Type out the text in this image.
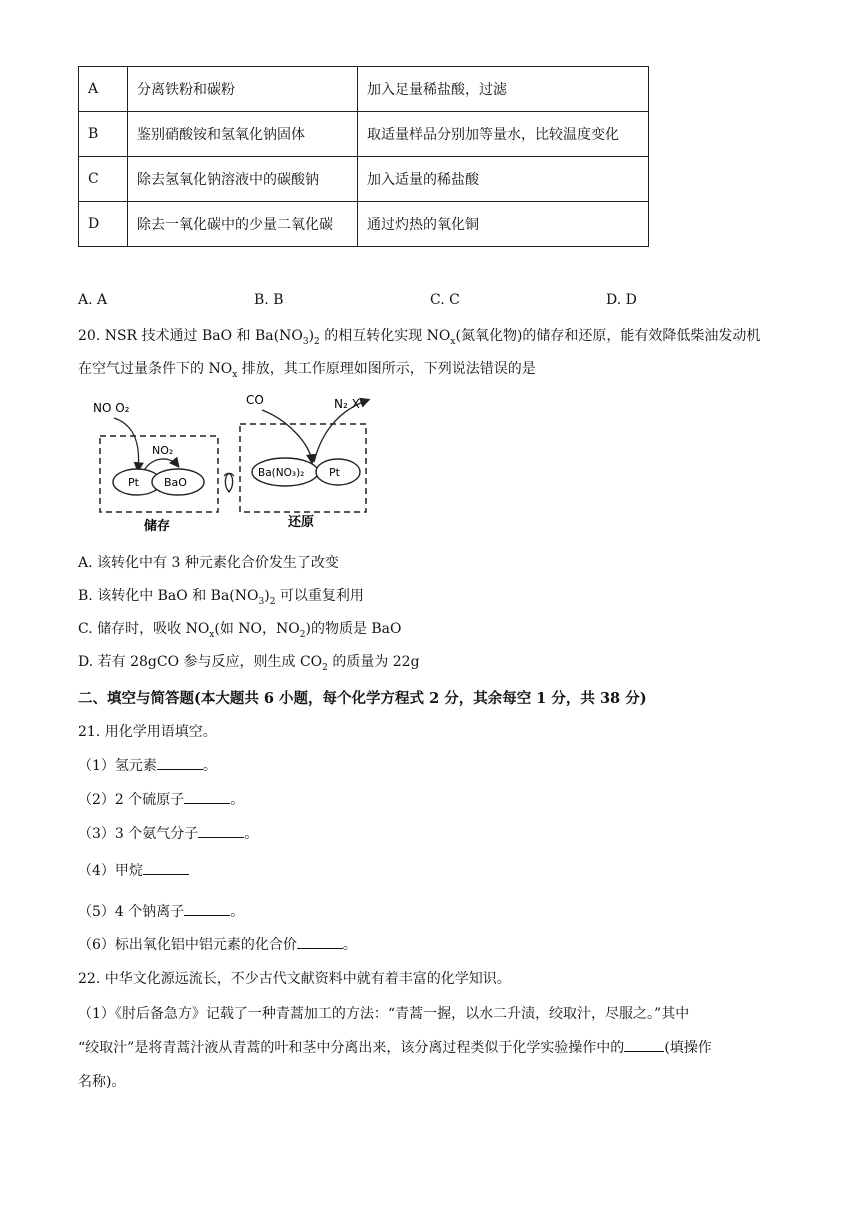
A	分离铁粉和碳粉	加入足量稀盐酸，过滤
B	鉴别硝酸铵和氢氧化钠固体	取适量样品分别加等量水，比较温度变化
C	除去氢氧化钠溶液中的碳酸钠	加入适量的稀盐酸
D	除去一氧化碳中的少量二氧化碳	通过灼热的氧化铜
A. A	B. B	C. C	D. D
20. NSR 技术通过 BaO 和 $Ba(NO_3)_2$ 的相互转化实现 $NO_x$(氮氧化物)的储存和还原，能有效降低柴油发动机
在空气过量条件下的 $NO_x$ 排放，其工作原理如图所示，下列说法错误的是
NO O₂
NO₂
Pt BaO
CO	N₂ X
Ba(NO₃)₂ Pt
储存	还原
A. 该转化中有 3 种元素化合价发生了改变
B. 该转化中 BaO 和 $Ba(NO_3)_2$ 可以重复利用
C. 储存时，吸收 $NO_x$(如 NO，$NO_2$)的物质是 BaO
D. 若有 28gCO 参与反应，则生成 $CO_2$ 的质量为 22g
二、填空与简答题(本大题共 6 小题，每个化学方程式 2 分，其余每空 1 分，共 38 分)
21. 用化学用语填空。
（1）氢元素	。
（2）2 个硫原子	。
（3）3 个氨气分子	。
（4）甲烷
（5）4 个钠离子	。
（6）标出氧化铝中铝元素的化合价	。
22. 中华文化源远流长，不少古代文献资料中就有着丰富的化学知识。
（1）《肘后备急方》记载了一种青蒿加工的方法：“青蒿一握，以水二升渍，绞取汁，尽服之。”其中
“绞取汁”是将青蒿汁液从青蒿的叶和茎中分离出来，该分离过程类似于化学实验操作中的	(填操作
名称)。
